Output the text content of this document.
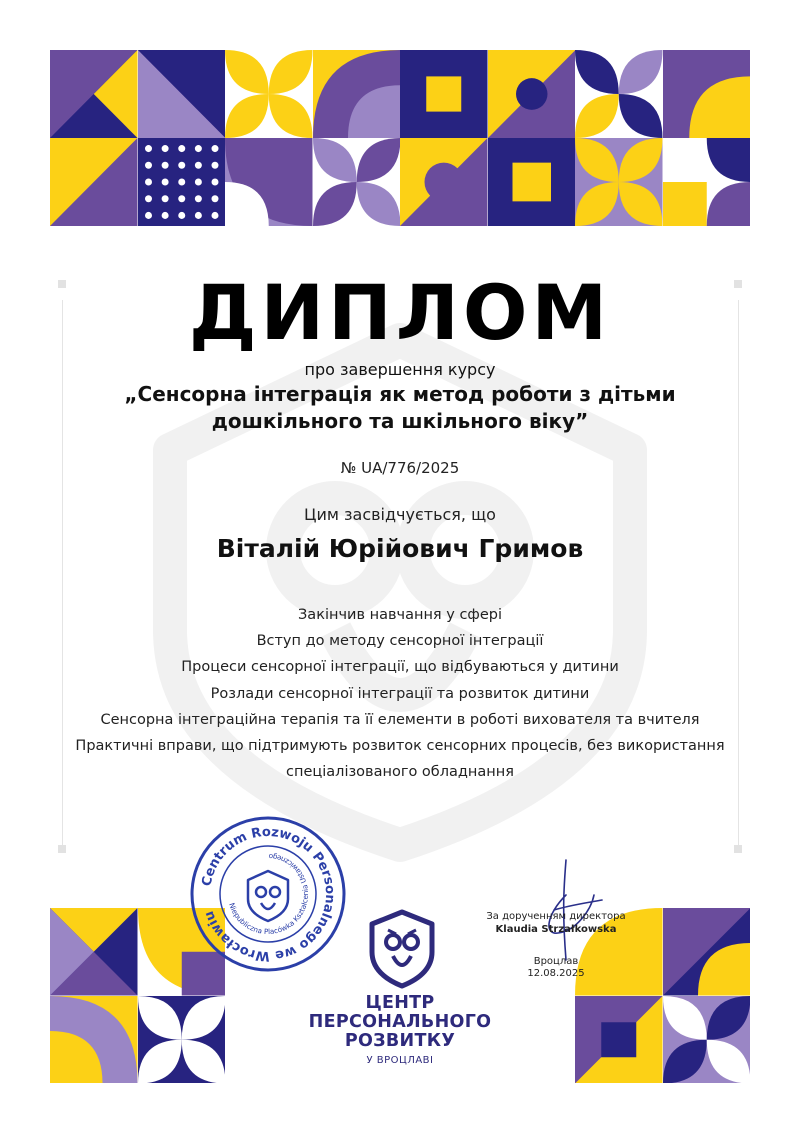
ДИПЛОМ
про завершення курсу
„Сенсорна інтеграція як метод роботи з дітьми
дошкільного та шкільного віку”
№ UA/776/2025
Цим засвідчується, що
Віталій Юрійович Гримов
Закінчив навчання у сфері
Вступ до методу сенсорної інтеграції
Процеси сенсорної інтеграції, що відбуваються у дитини
Розлади сенсорної інтеграції та розвиток дитини
Сенсорна інтеграційна терапія та її елементи в роботі вихователя та вчителя
Практичні вправи, що підтримують розвиток сенсорних процесів, без використання
спеціалізованого обладнання
Centrum Rozwoju Personalnego we Wrocławiu
Niepubliczna Placówka Kształcenia Ustawicznego
ЦЕНТР
ПЕРСОНАЛЬНОГО
РОЗВИТКУ
У ВРОЦЛАВІ
За дорученням директора
Klaudia Strzałkowska
Вроцлав
12.08.2025
